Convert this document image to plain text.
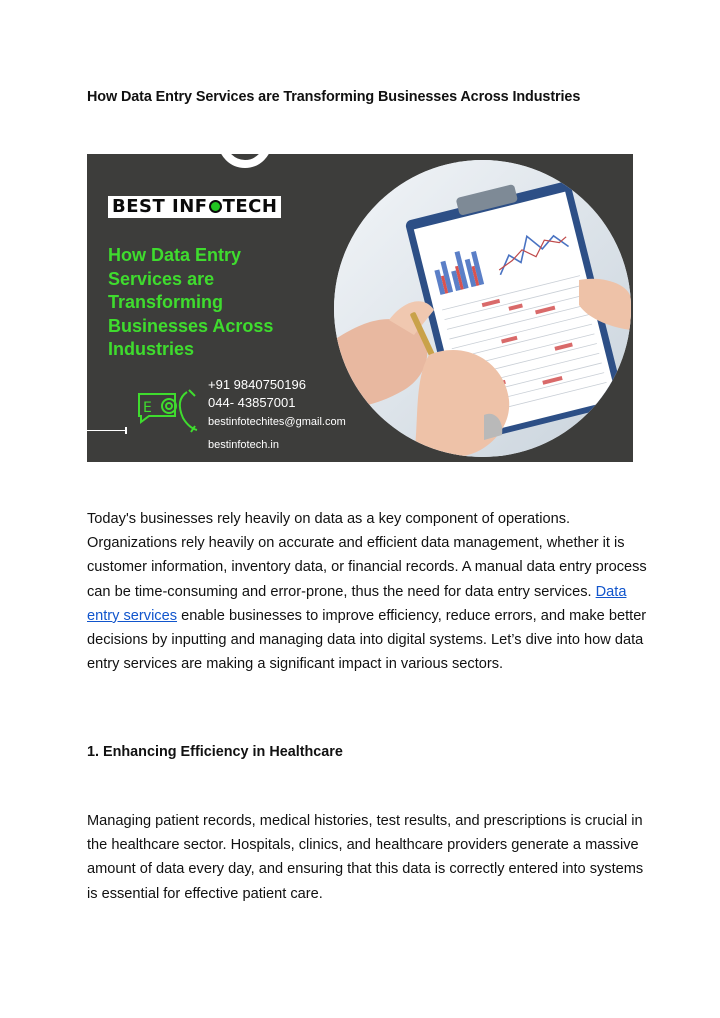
How Data Entry Services are Transforming Businesses Across Industries
BEST INF TECH
How Data Entry Services are Transforming Businesses Across Industries
E
+91 9840750196
044- 43857001
bestinfotechites@gmail.com
bestinfotech.in

Today's businesses rely heavily on data as a key component of operations. Organizations rely heavily on accurate and efficient data management, whether it is customer information, inventory data, or financial records. A manual data entry process can be time-consuming and error-prone, thus the need for data entry services. Data entry services enable businesses to improve efficiency, reduce errors, and make better decisions by inputting and managing data into digital systems. Let’s dive into how data entry services are making a significant impact in various sectors.

1. Enhancing Efficiency in Healthcare

Managing patient records, medical histories, test results, and prescriptions is crucial in the healthcare sector. Hospitals, clinics, and healthcare providers generate a massive amount of data every day, and ensuring that this data is correctly entered into systems is essential for effective patient care.
